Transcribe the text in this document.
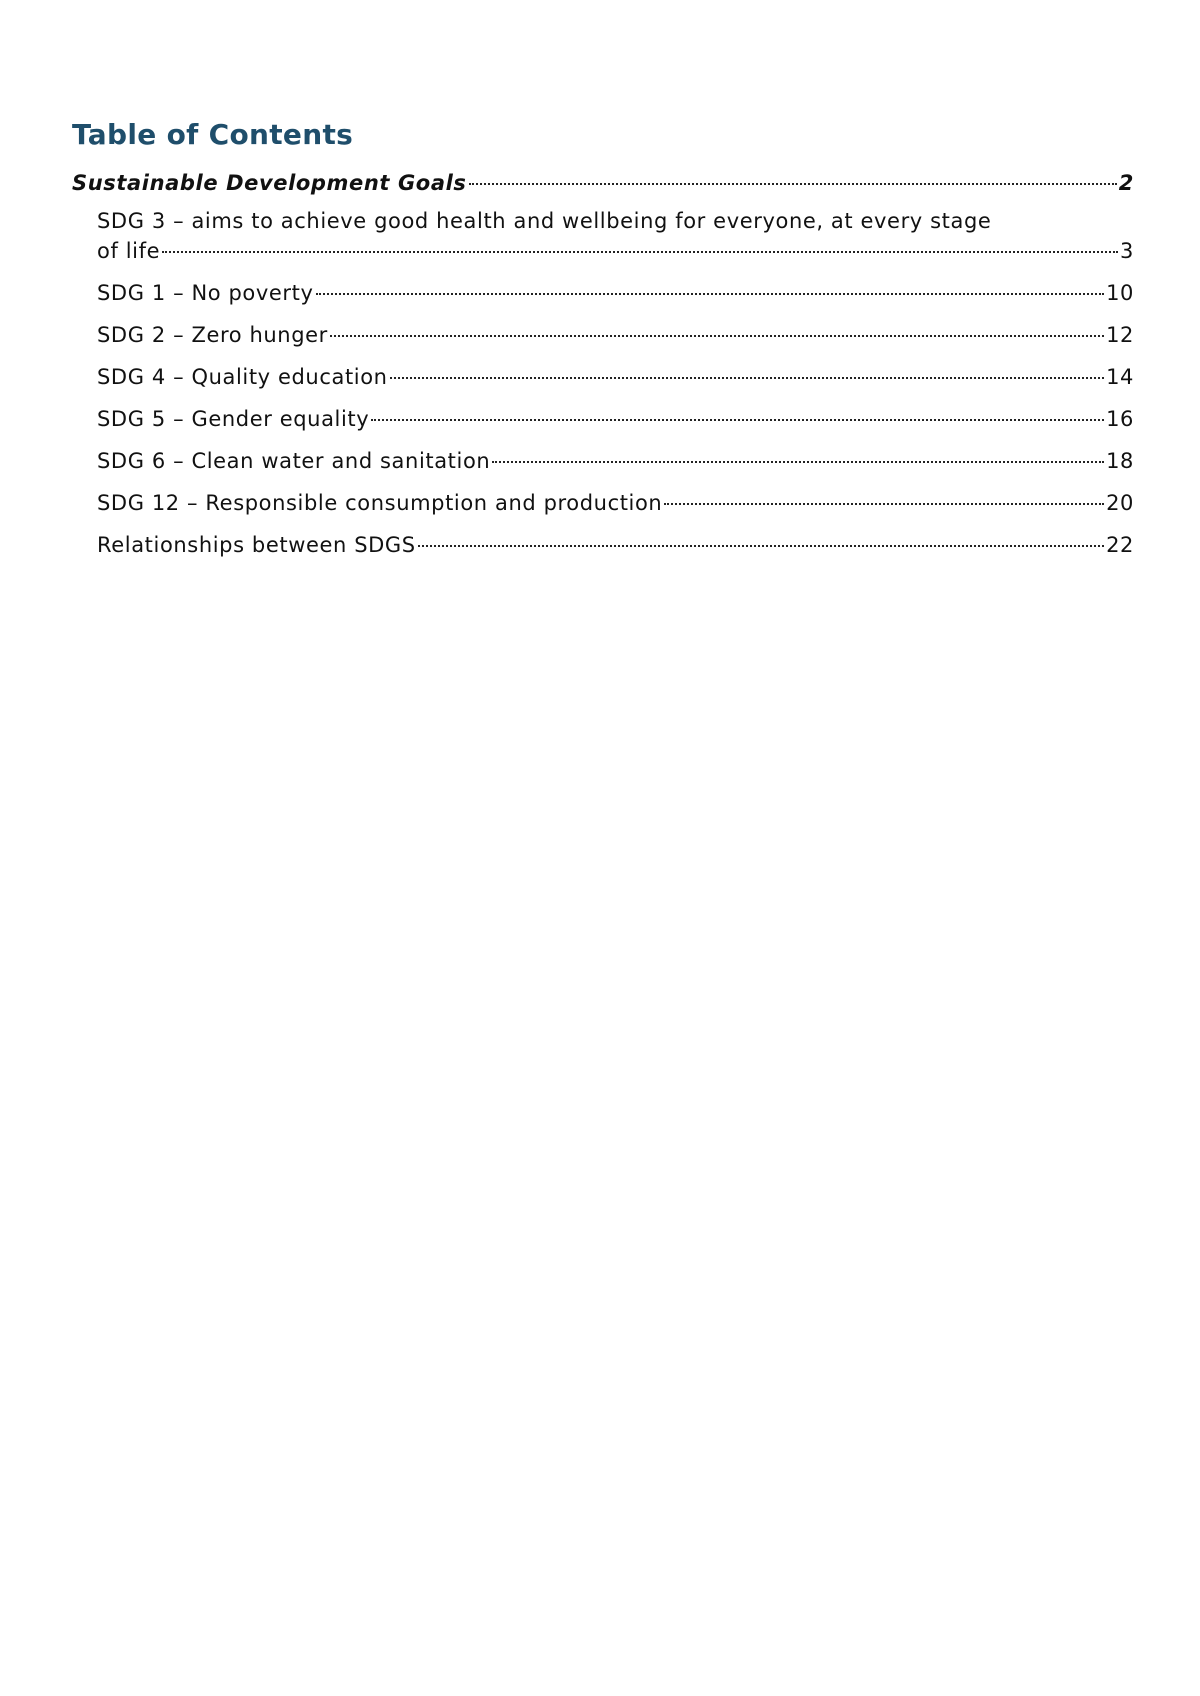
Table of Contents
Sustainable Development Goals	2
SDG 3 – aims to achieve good health and wellbeing for everyone, at every stage
of life	3
SDG 1 – No poverty	10
SDG 2 – Zero hunger	12
SDG 4 – Quality education	14
SDG 5 – Gender equality	16
SDG 6 – Clean water and sanitation	18
SDG 12 – Responsible consumption and production	20
Relationships between SDGS	22
